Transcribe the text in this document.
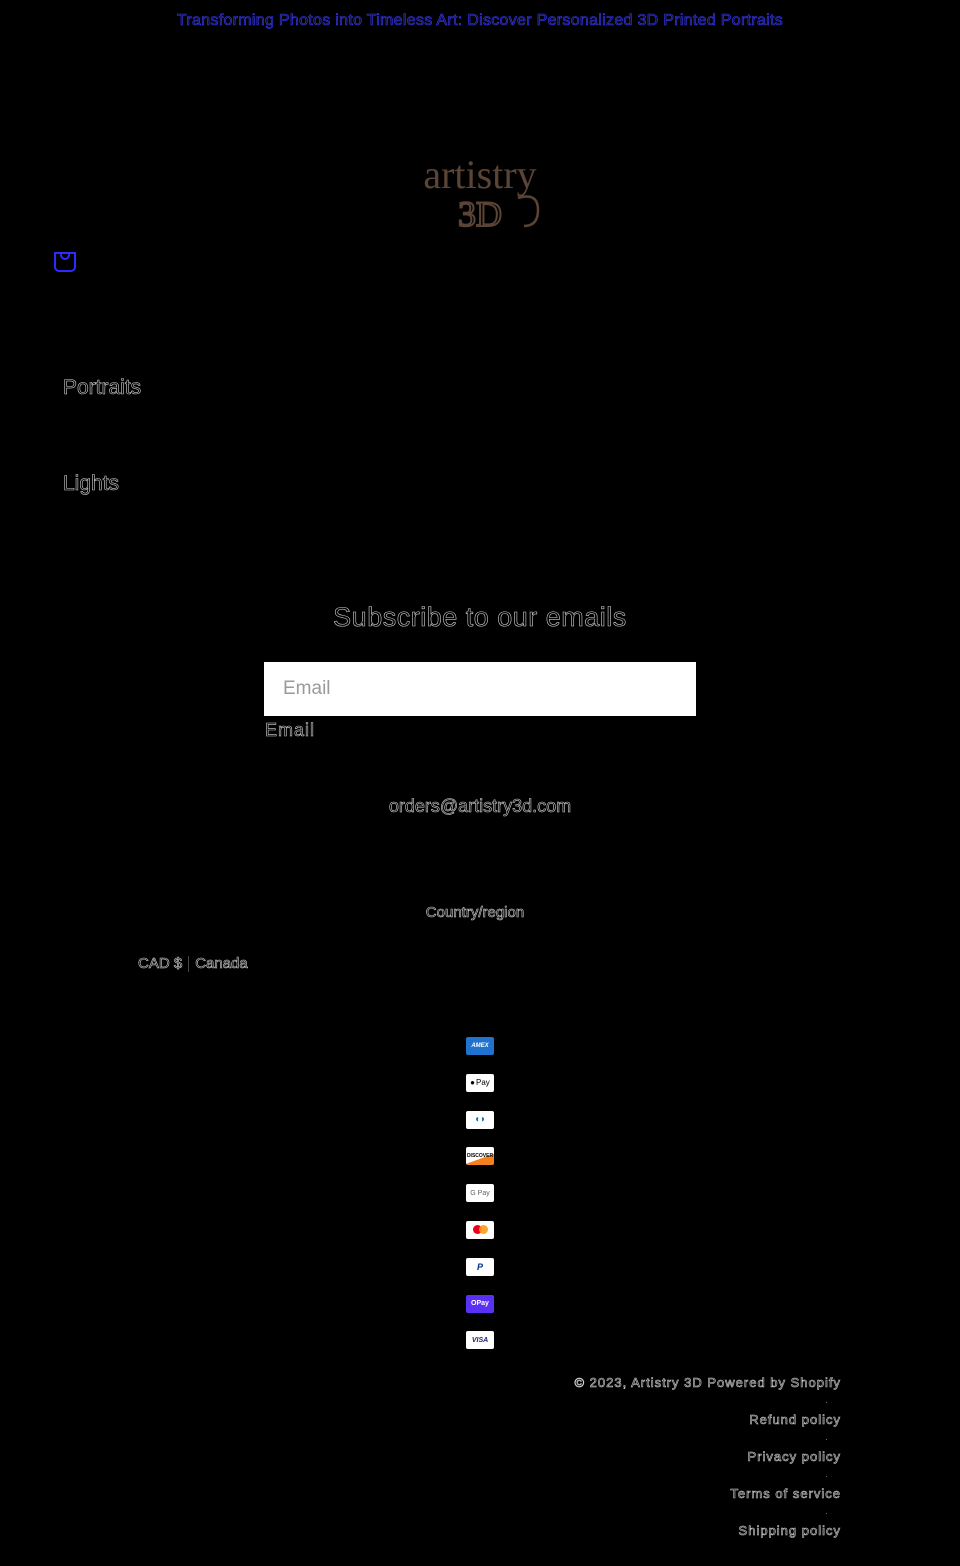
Transforming Photos into Timeless Art: Discover Personalized 3D Printed Portraits
artistry
3D
Portraits
Lights
Subscribe to our emails
Email
Email
orders@artistry3d.com
Country/region
CAD $ Canada
AMEX
● Pay
◖◗
DISCOVER
G Pay
P
OPay
VISA
© 2023, Artistry 3D Powered by Shopify
·
Refund policy
·
Privacy policy
·
Terms of service
·
Shipping policy
